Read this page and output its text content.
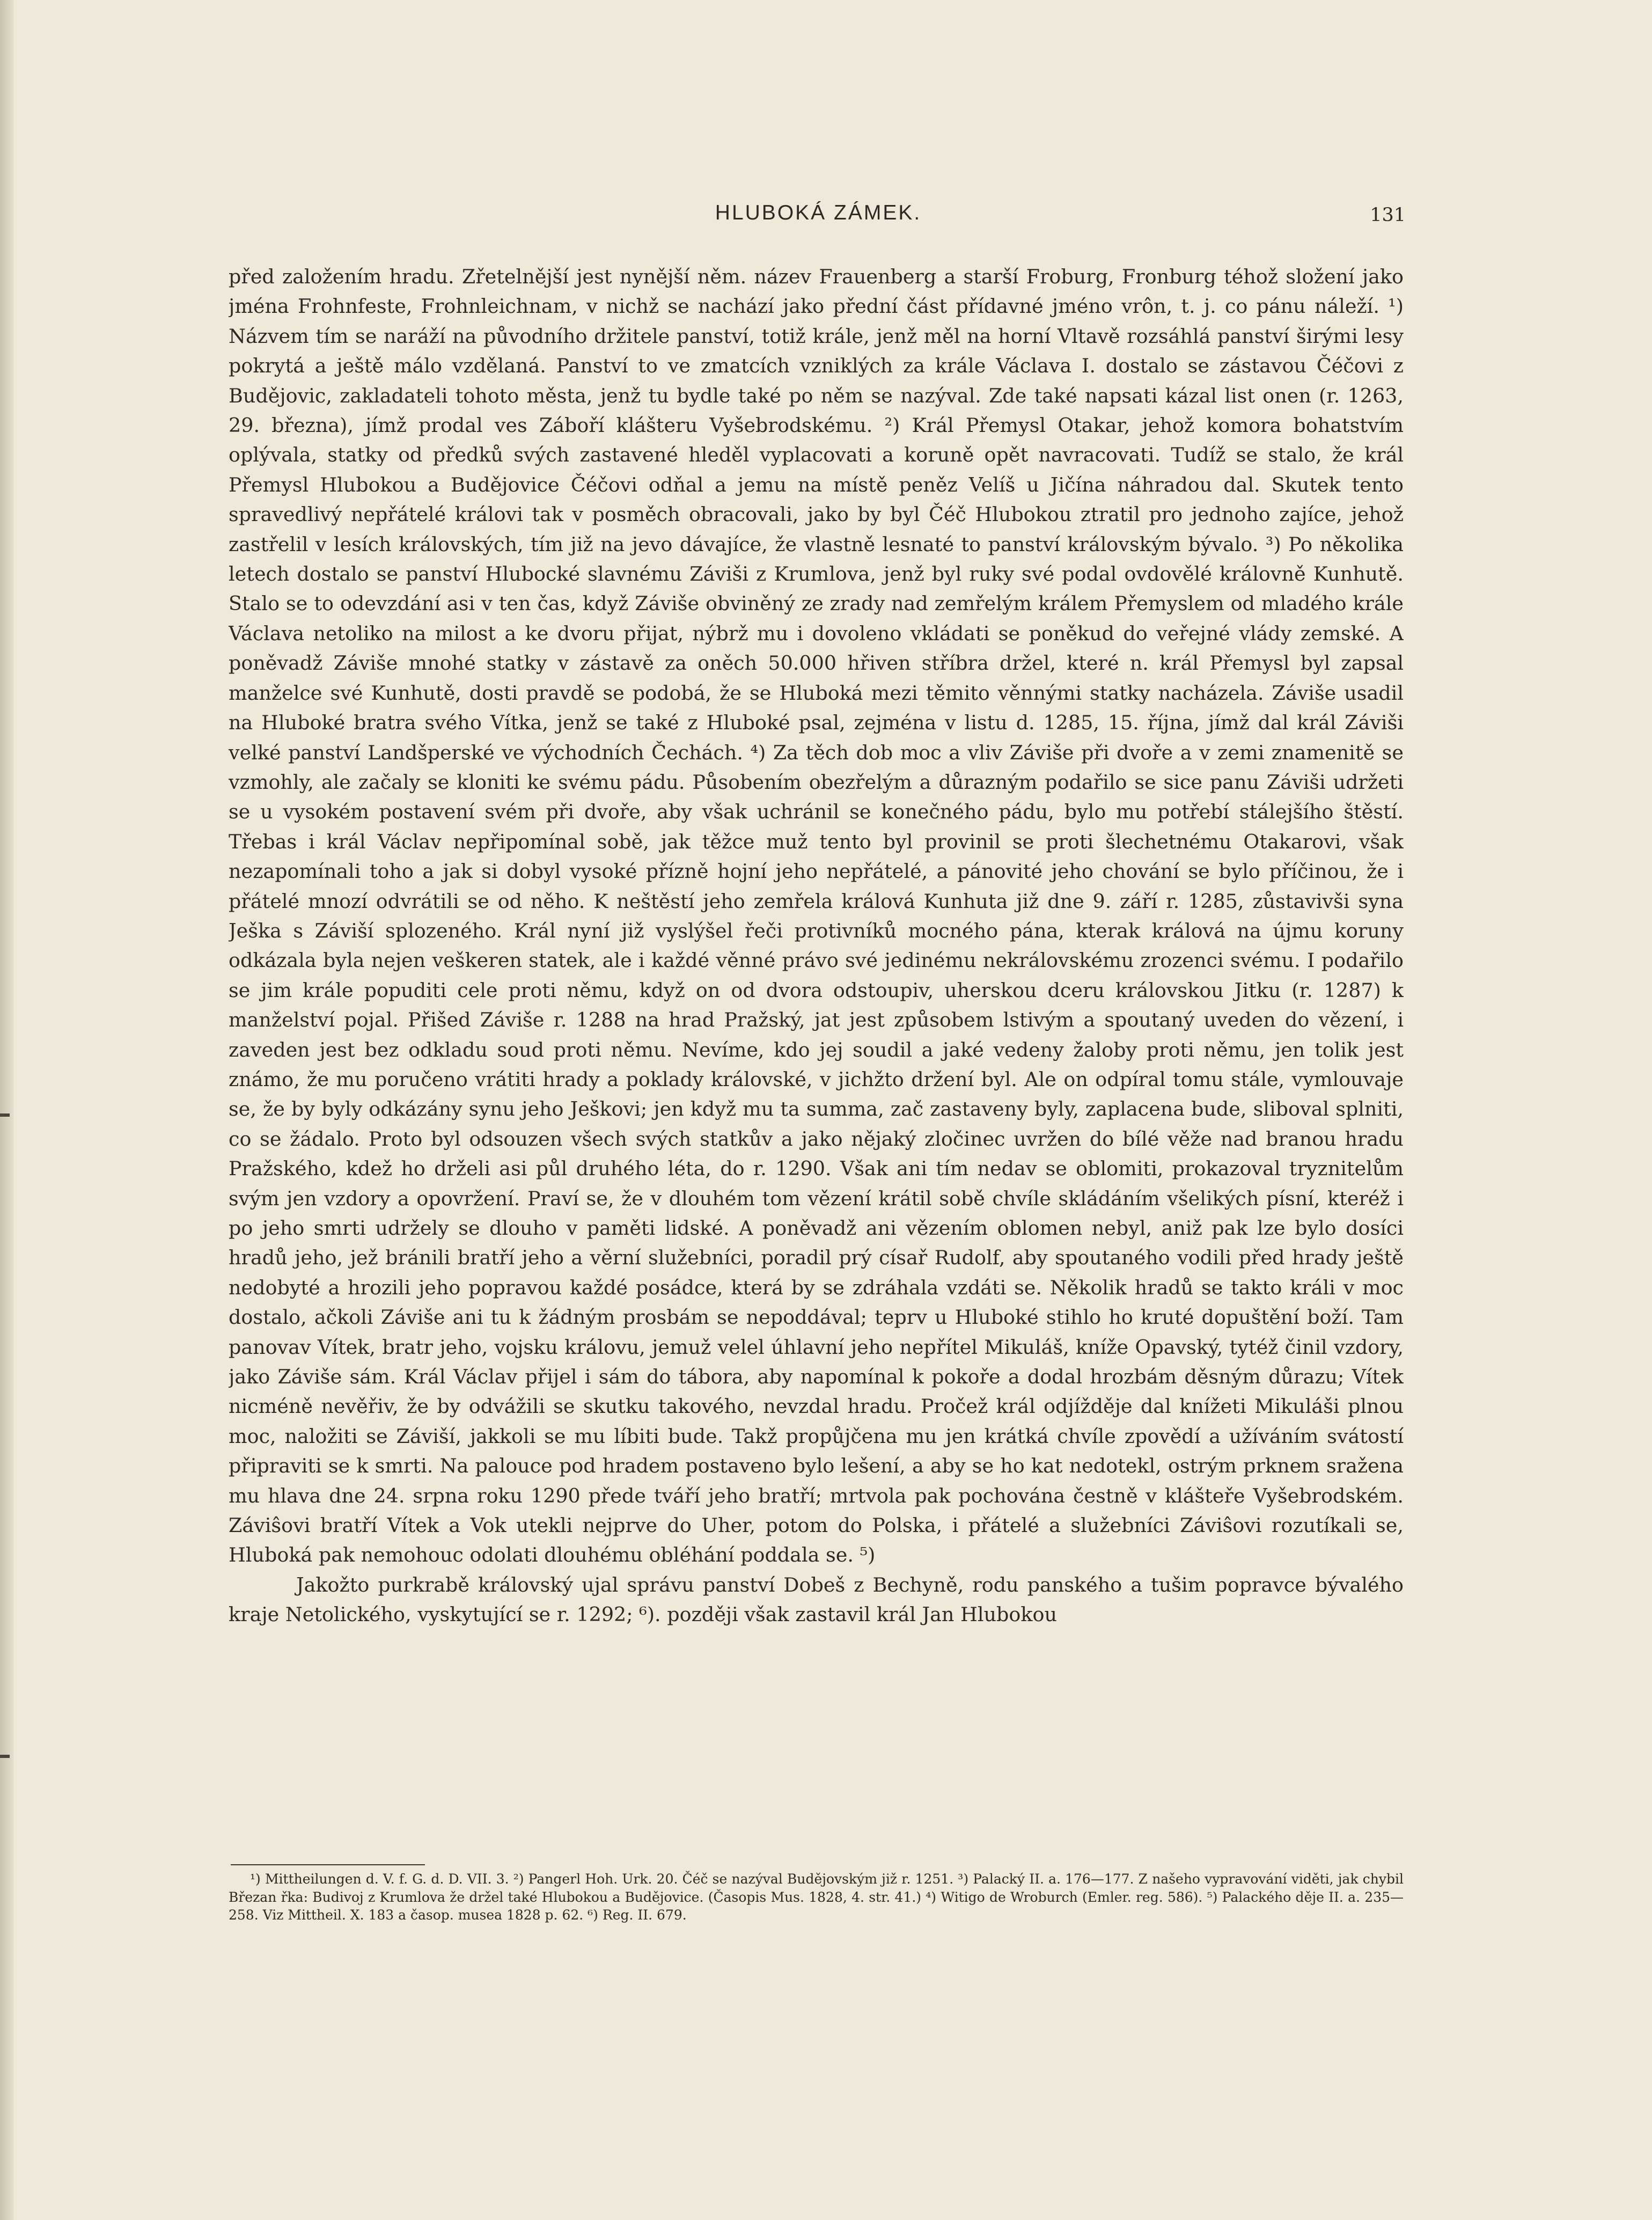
HLUBOKÁ ZÁMEK.	131

před založením hradu. Zřetelnější jest nynější něm. název Frauenberg a starší Froburg, Fronburg téhož složení jako jména Frohnfeste, Frohnleichnam, v nichž se nachází jako přední část přídavné jméno vrôn, t. j. co pánu náleží. ¹) Názvem tím se naráží na původního držitele panství, totiž krále, jenž měl na horní Vltavě rozsáhlá panství širými lesy pokrytá a ještě málo vzdělaná. Panství to ve zmatcích vzniklých za krále Václava I. dostalo se zástavou Čéčovi z Budějovic, zakladateli tohoto města, jenž tu bydle také po něm se nazýval. Zde také napsati kázal list onen (r. 1263, 29. března), jímž prodal ves Záboří klášteru Vyšebrodskému. ²) Král Přemysl Otakar, jehož komora bohatstvím oplývala, statky od předků svých zastavené hleděl vyplacovati a koruně opět navracovati. Tudíž se stalo, že král Přemysl Hlubokou a Budějovice Čéčovi odňal a jemu na místě peněz Velíš u Jičína náhradou dal. Skutek tento spravedlivý nepřátelé královi tak v posměch obracovali, jako by byl Čéč Hlubokou ztratil pro jednoho zajíce, jehož zastřelil v lesích královských, tím již na jevo dávajíce, že vlastně lesnaté to panství královským bývalo. ³) Po několika letech dostalo se panství Hlubocké slavnému Záviši z Krumlova, jenž byl ruky své podal ovdovělé královně Kunhutě. Stalo se to odevzdání asi v ten čas, když Záviše obviněný ze zrady nad zemřelým králem Přemyslem od mladého krále Václava netoliko na milost a ke dvoru přijat, nýbrž mu i dovoleno vkládati se poněkud do veřejné vlády zemské. A poněvadž Záviše mnohé statky v zástavě za oněch 50.000 hřiven stříbra držel, které n. král Přemysl byl zapsal manželce své Kunhutě, dosti pravdě se podobá, že se Hluboká mezi těmito věnnými statky nacházela. Záviše usadil na Hluboké bratra svého Vítka, jenž se také z Hluboké psal, zejména v listu d. 1285, 15. října, jímž dal král Záviši velké panství Landšperské ve východních Čechách. ⁴) Za těch dob moc a vliv Záviše při dvoře a v zemi znamenitě se vzmohly, ale začaly se kloniti ke svému pádu. Působením obezřelým a důrazným podařilo se sice panu Záviši udržeti se u vysokém postavení svém při dvoře, aby však uchránil se konečného pádu, bylo mu potřebí stálejšího štěstí. Třebas i král Václav nepřipomínal sobě, jak těžce muž tento byl provinil se proti šlechetnému Otakarovi, však nezapomínali toho a jak si dobyl vysoké přízně hojní jeho nepřátelé, a pánovité jeho chování se bylo příčinou, že i přátelé mnozí odvrátili se od něho. K neštěstí jeho zemřela králová Kunhuta již dne 9. září r. 1285, zůstavivši syna Ješka s Záviší splozeného. Král nyní již vyslýšel řeči protivníků mocného pána, kterak králová na újmu koruny odkázala byla nejen veškeren statek, ale i každé věnné právo své jedinému nekrálovskému zrozenci svému. I podařilo se jim krále popuditi cele proti němu, když on od dvora odstoupiv, uherskou dceru královskou Jitku (r. 1287) k manželství pojal. Přišed Záviše r. 1288 na hrad Pražský, jat jest způsobem lstivým a spoutaný uveden do vězení, i zaveden jest bez odkladu soud proti němu. Nevíme, kdo jej soudil a jaké vedeny žaloby proti němu, jen tolik jest známo, že mu poručeno vrátiti hrady a poklady královské, v jichžto držení byl. Ale on odpíral tomu stále, vymlouvaje se, že by byly odkázány synu jeho Ješkovi; jen když mu ta summa, zač zastaveny byly, zaplacena bude, sliboval splniti, co se žádalo. Proto byl odsouzen všech svých statkův a jako nějaký zločinec uvržen do bílé věže nad branou hradu Pražského, kdež ho drželi asi půl druhého léta, do r. 1290. Však ani tím nedav se oblomiti, prokazoval tryznitelům svým jen vzdory a opovržení. Praví se, že v dlouhém tom vězení krátil sobě chvíle skládáním všelikých písní, kteréž i po jeho smrti udržely se dlouho v paměti lidské. A poněvadž ani vězením oblomen nebyl, aniž pak lze bylo dosíci hradů jeho, jež bránili bratří jeho a věrní služebníci, poradil prý císař Rudolf, aby spoutaného vodili před hrady ještě nedobyté a hrozili jeho popravou každé posádce, která by se zdráhala vzdáti se. Několik hradů se takto králi v moc dostalo, ačkoli Záviše ani tu k žádným prosbám se nepoddával; teprv u Hluboké stihlo ho kruté dopuštění boží. Tam panovav Vítek, bratr jeho, vojsku královu, jemuž velel úhlavní jeho nepřítel Mikuláš, kníže Opavský, tytéž činil vzdory, jako Záviše sám. Král Václav přijel i sám do tábora, aby napomínal k pokoře a dodal hrozbám děsným důrazu; Vítek nicméně nevěřiv, že by odvážili se skutku takového, nevzdal hradu. Pročež král odjížděje dal knížeti Mikuláši plnou moc, naložiti se Záviší, jakkoli se mu líbiti bude. Takž propůjčena mu jen krátká chvíle zpovědí a užíváním svátostí připraviti se k smrti. Na palouce pod hradem postaveno bylo lešení, a aby se ho kat nedotekl, ostrým prknem sražena mu hlava dne 24. srpna roku 1290 přede tváří jeho bratří; mrtvola pak pochována čestně v klášteře Vyšebrodském. Záviŝovi bratří Vítek a Vok utekli nejprve do Uher, potom do Polska, i přátelé a služebníci Záviŝovi rozutíkali se, Hluboká pak nemohouc odolati dlouhému obléhání poddala se. ⁵)

Jakožto purkrabě královský ujal správu panství Dobeš z Bechyně, rodu panského a tušim popravce bývalého kraje Netolického, vyskytující se r. 1292; ⁶). později však zastavil král Jan Hlubokou

¹) Mittheilungen d. V. f. G. d. D. VII. 3. ²) Pangerl Hoh. Urk. 20. Čéč se nazýval Budějovským již r. 1251. ³) Palacký II. a. 176—177. Z našeho vypravování viděti, jak chybil Březan řka: Budivoj z Krumlova že držel také Hlubokou a Budějovice. (Časopis Mus. 1828, 4. str. 41.) ⁴) Witigo de Wroburch (Emler. reg. 586). ⁵) Palackého děje II. a. 235—258. Viz Mittheil. X. 183 a časop. musea 1828 p. 62. ⁶) Reg. II. 679.
